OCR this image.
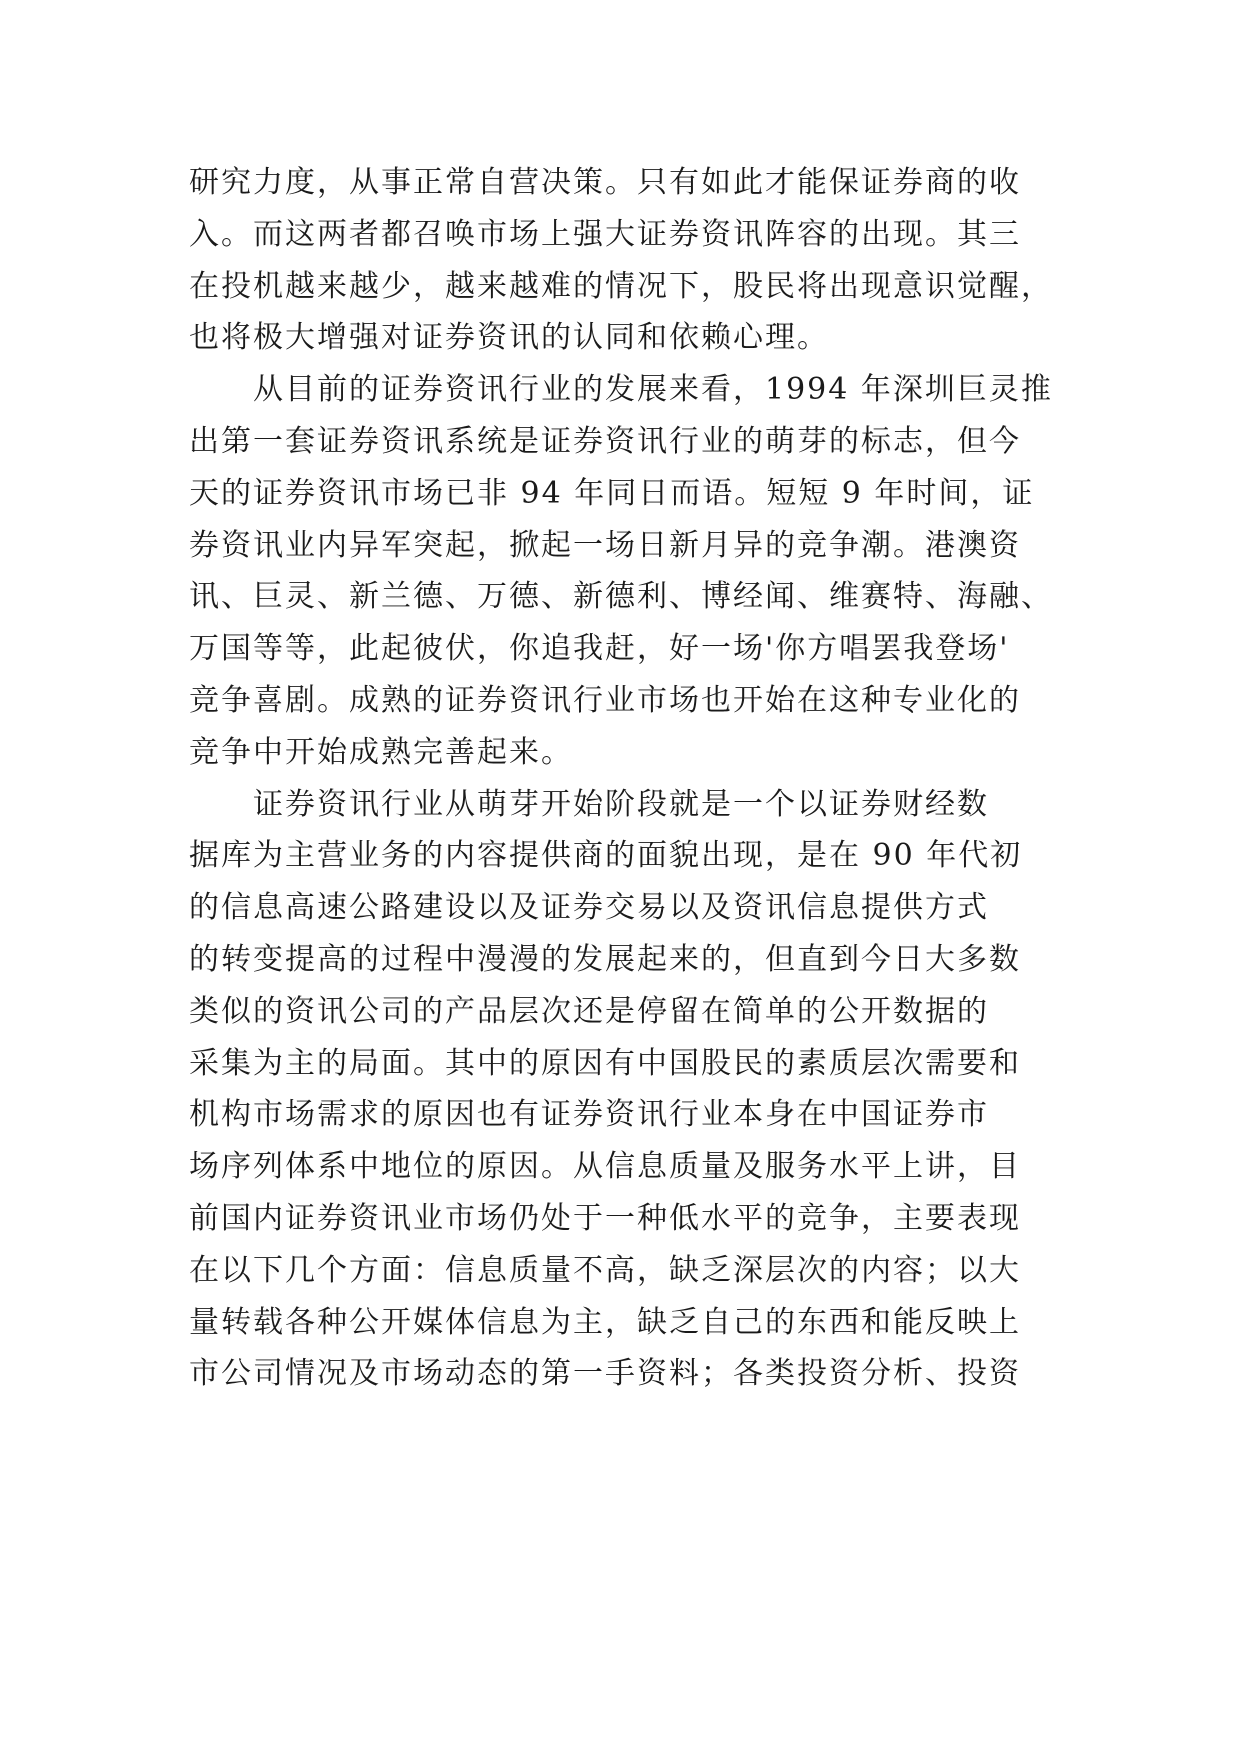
研究力度，从事正常自营决策。只有如此才能保证券商的收
入。而这两者都召唤市场上强大证券资讯阵容的出现。其三
在投机越来越少，越来越难的情况下，股民将出现意识觉醒，
也将极大增强对证券资讯的认同和依赖心理。
从目前的证券资讯行业的发展来看，1994 年深圳巨灵推
出第一套证券资讯系统是证券资讯行业的萌芽的标志，但今
天的证券资讯市场已非 94 年同日而语。短短 9 年时间，证
券资讯业内异军突起，掀起一场日新月异的竞争潮。港澳资
讯、巨灵、新兰德、万德、新德利、博经闻、维赛特、海融、
万国等等，此起彼伏，你追我赶，好一场'你方唱罢我登场'
竞争喜剧。成熟的证券资讯行业市场也开始在这种专业化的
竞争中开始成熟完善起来。
证券资讯行业从萌芽开始阶段就是一个以证券财经数
据库为主营业务的内容提供商的面貌出现，是在 90 年代初
的信息高速公路建设以及证券交易以及资讯信息提供方式
的转变提高的过程中漫漫的发展起来的，但直到今日大多数
类似的资讯公司的产品层次还是停留在简单的公开数据的
采集为主的局面。其中的原因有中国股民的素质层次需要和
机构市场需求的原因也有证券资讯行业本身在中国证券市
场序列体系中地位的原因。从信息质量及服务水平上讲，目
前国内证券资讯业市场仍处于一种低水平的竞争，主要表现
在以下几个方面：信息质量不高，缺乏深层次的内容；以大
量转载各种公开媒体信息为主，缺乏自己的东西和能反映上
市公司情况及市场动态的第一手资料；各类投资分析、投资
